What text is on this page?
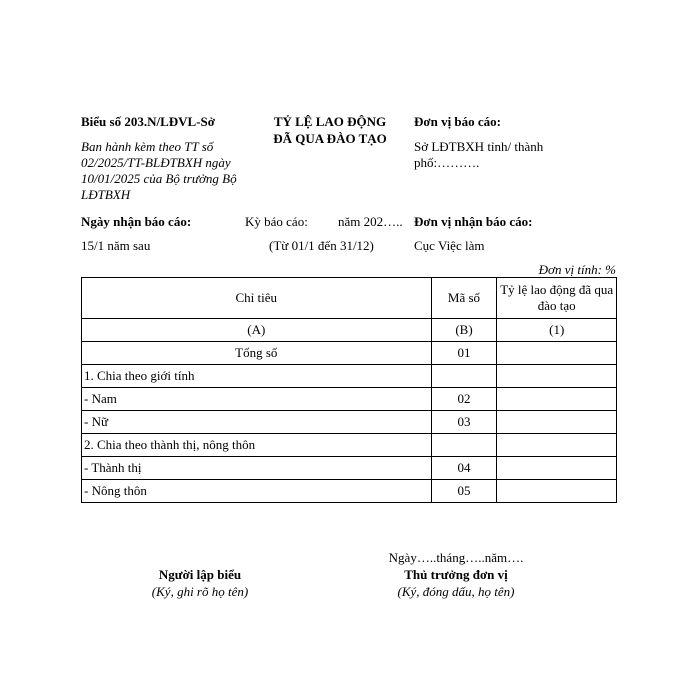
Biểu số 203.N/LĐVL-Sở
Ban hành kèm theo TT số 02/2025/TT-BLĐTBXH ngày 10/01/2025 của Bộ trưởng Bộ LĐTBXH
TỶ LỆ LAO ĐỘNG
ĐÃ QUA ĐÀO TẠO
Đơn vị báo cáo:
Sở LĐTBXH tỉnh/ thành phố:……….
Ngày nhận báo cáo:
15/1 năm sau
Kỳ báo cáo: năm 202…..
(Từ 01/1 đến 31/12)
Đơn vị nhận báo cáo:
Cục Việc làm
Đơn vị tính: %
Chỉ tiêu	Mã số	Tỷ lệ lao động đã qua đào tạo
(A)	(B)	(1)
Tổng số	01	
1. Chia theo giới tính		
- Nam	02	
- Nữ	03	
2. Chia theo thành thị, nông thôn		
- Thành thị	04	
- Nông thôn	05	
Ngày…..tháng…..năm….
Người lập biểu
(Ký, ghi rõ họ tên)
Thủ trưởng đơn vị
(Ký, đóng dấu, họ tên)
